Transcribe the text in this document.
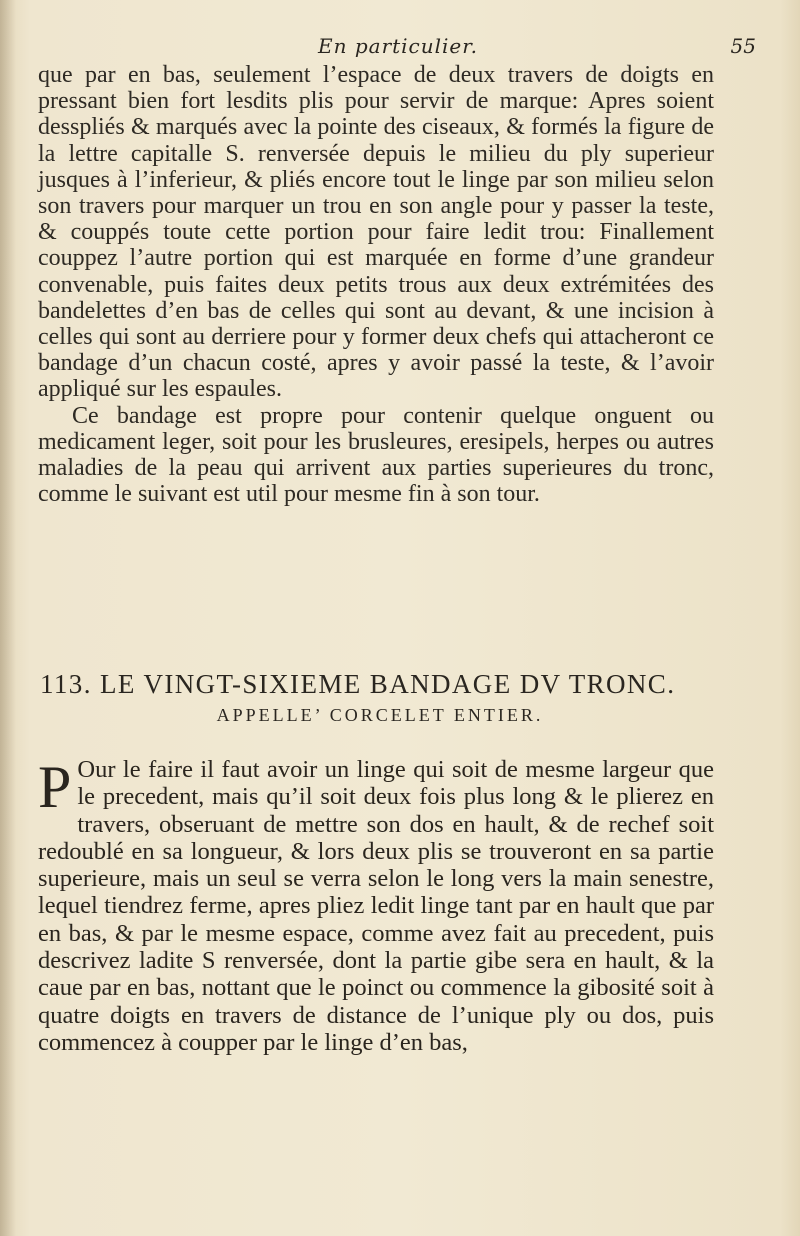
En particulier.	55
que par en bas, seulement l’espace de deux travers de doigts en pressant bien fort lesdits plis pour servir de marque: Apres soient desspliés & marqués avec la pointe des ciseaux, & formés la figure de la lettre capitalle S. renversée depuis le milieu du ply superieur jusques à l’inferieur, & pliés encore tout le linge par son milieu selon son travers pour marquer un trou en son angle pour y passer la teste, & couppés toute cette portion pour faire ledit trou: Finallement couppez l’autre portion qui est marquée en forme d’une grandeur convenable, puis faites deux petits trous aux deux extrémitées des bandelettes d’en bas de celles qui sont au devant, & une incision à celles qui sont au derriere pour y former deux chefs qui attacheront ce bandage d’un chacun costé, apres y avoir passé la teste, & l’avoir appliqué sur les espaules.
Ce bandage est propre pour contenir quelque onguent ou medicament leger, soit pour les brusleures, eresipels, herpes ou autres maladies de la peau qui arrivent aux parties superieures du tronc, comme le suivant est util pour mesme fin à son tour.
113. LE VINGT-SIXIEME BANDAGE DV TRONC.
APPELLE’ CORCELET ENTIER.
P Our le faire il faut avoir un linge qui soit de mesme largeur que le precedent, mais qu’il soit deux fois plus long & le plierez en travers, obseruant de mettre son dos en hault, & de rechef soit redoublé en sa longueur, & lors deux plis se trouveront en sa partie superieure, mais un seul se verra selon le long vers la main senestre, lequel tiendrez ferme, apres pliez ledit linge tant par en hault que par en bas, & par le mesme espace, comme avez fait au precedent, puis descrivez ladite S renversée, dont la partie gibe sera en hault, & la caue par en bas, nottant que le poinct ou commence la gibosité soit à quatre doigts en travers de distance de l’unique ply ou dos, puis commencez à coupper par le linge d’en bas,
